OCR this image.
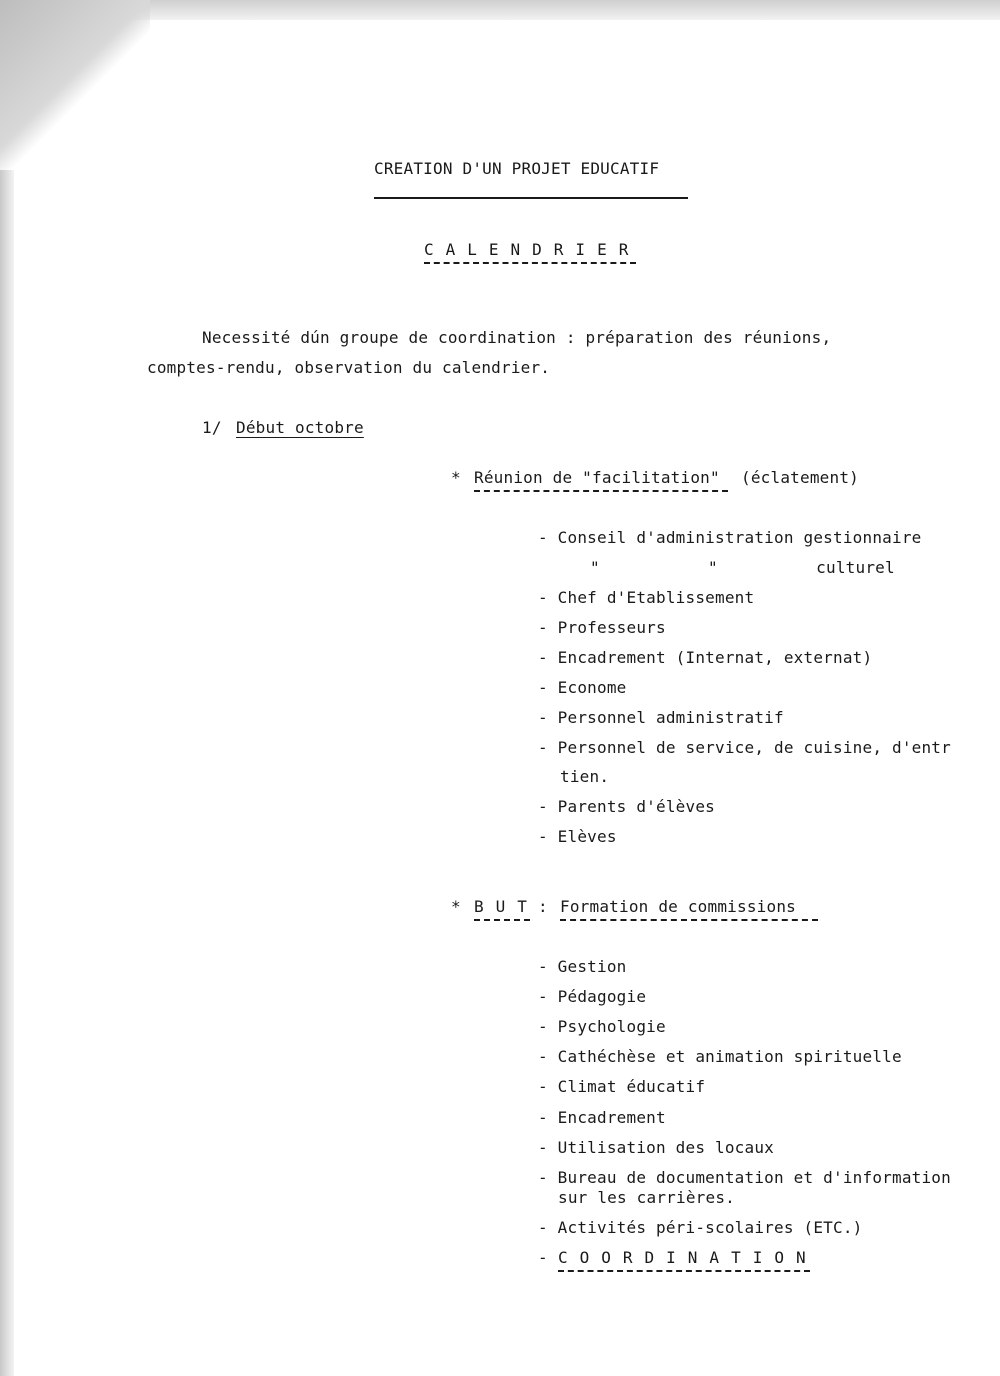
CREATION D'UN PROJET EDUCATIF
CALENDRIER
Necessité dún groupe de coordination : préparation des réunions,
comptes-rendu, observation du calendrier.
1/ Début octobre
* Réunion de "facilitation" (éclatement)
- Conseil d'administration gestionnaire
"           "          culturel
- Chef d'Etablissement
- Professeurs
- Encadrement (Internat, externat)
- Econome
- Personnel administratif
- Personnel de service, de cuisine, d'entr
tien.
- Parents d'élèves
- Elèves
* BUT : Formation de commissions
- Gestion
- Pédagogie
- Psychologie
- Cathéchèse et animation spirituelle
- Climat éducatif
- Encadrement
- Utilisation des locaux
- Bureau de documentation et d'information
sur les carrières.
- Activités péri-scolaires (ETC.)
- COORDINATION
